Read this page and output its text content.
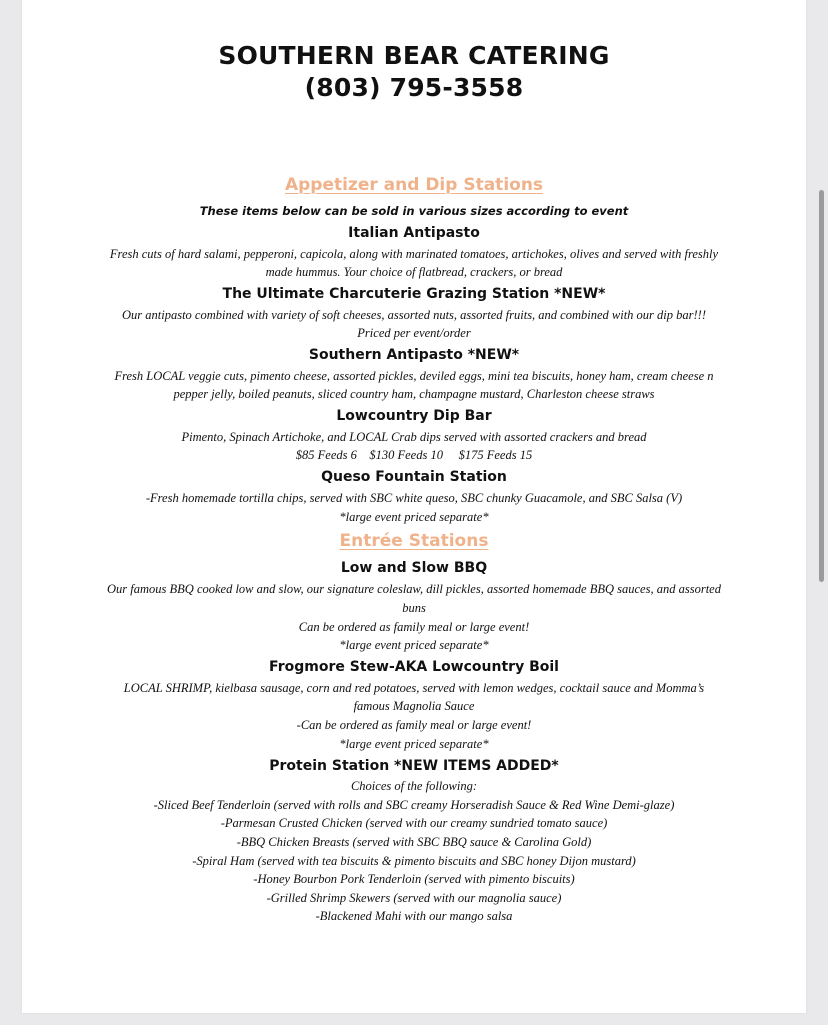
SOUTHERN BEAR CATERING
(803) 795-3558
Appetizer and Dip Stations
These items below can be sold in various sizes according to event
Italian Antipasto
Fresh cuts of hard salami, pepperoni, capicola, along with marinated tomatoes, artichokes, olives and served with freshly
made hummus. Your choice of flatbread, crackers, or bread
The Ultimate Charcuterie Grazing Station *NEW*
Our antipasto combined with variety of soft cheeses, assorted nuts, assorted fruits, and combined with our dip bar!!!
Priced per event/order
Southern Antipasto *NEW*
Fresh LOCAL veggie cuts, pimento cheese, assorted pickles, deviled eggs, mini tea biscuits, honey ham, cream cheese n
pepper jelly, boiled peanuts, sliced country ham, champagne mustard, Charleston cheese straws
Lowcountry Dip Bar
Pimento, Spinach Artichoke, and LOCAL Crab dips served with assorted crackers and bread
$85 Feeds 6    $130 Feeds 10     $175 Feeds 15
Queso Fountain Station
-Fresh homemade tortilla chips, served with SBC white queso, SBC chunky Guacamole, and SBC Salsa (V)
*large event priced separate*
Entrée Stations
Low and Slow BBQ
Our famous BBQ cooked low and slow, our signature coleslaw, dill pickles, assorted homemade BBQ sauces, and assorted
buns
Can be ordered as family meal or large event!
*large event priced separate*
Frogmore Stew-AKA Lowcountry Boil
LOCAL SHRIMP, kielbasa sausage, corn and red potatoes, served with lemon wedges, cocktail sauce and Momma’s
famous Magnolia Sauce
-Can be ordered as family meal or large event!
*large event priced separate*
Protein Station *NEW ITEMS ADDED*
Choices of the following:
-Sliced Beef Tenderloin (served with rolls and SBC creamy Horseradish Sauce & Red Wine Demi-glaze)
-Parmesan Crusted Chicken (served with our creamy sundried tomato sauce)
-BBQ Chicken Breasts (served with SBC BBQ sauce & Carolina Gold)
-Spiral Ham (served with tea biscuits & pimento biscuits and SBC honey Dijon mustard)
-Honey Bourbon Pork Tenderloin (served with pimento biscuits)
-Grilled Shrimp Skewers (served with our magnolia sauce)
-Blackened Mahi with our mango salsa
